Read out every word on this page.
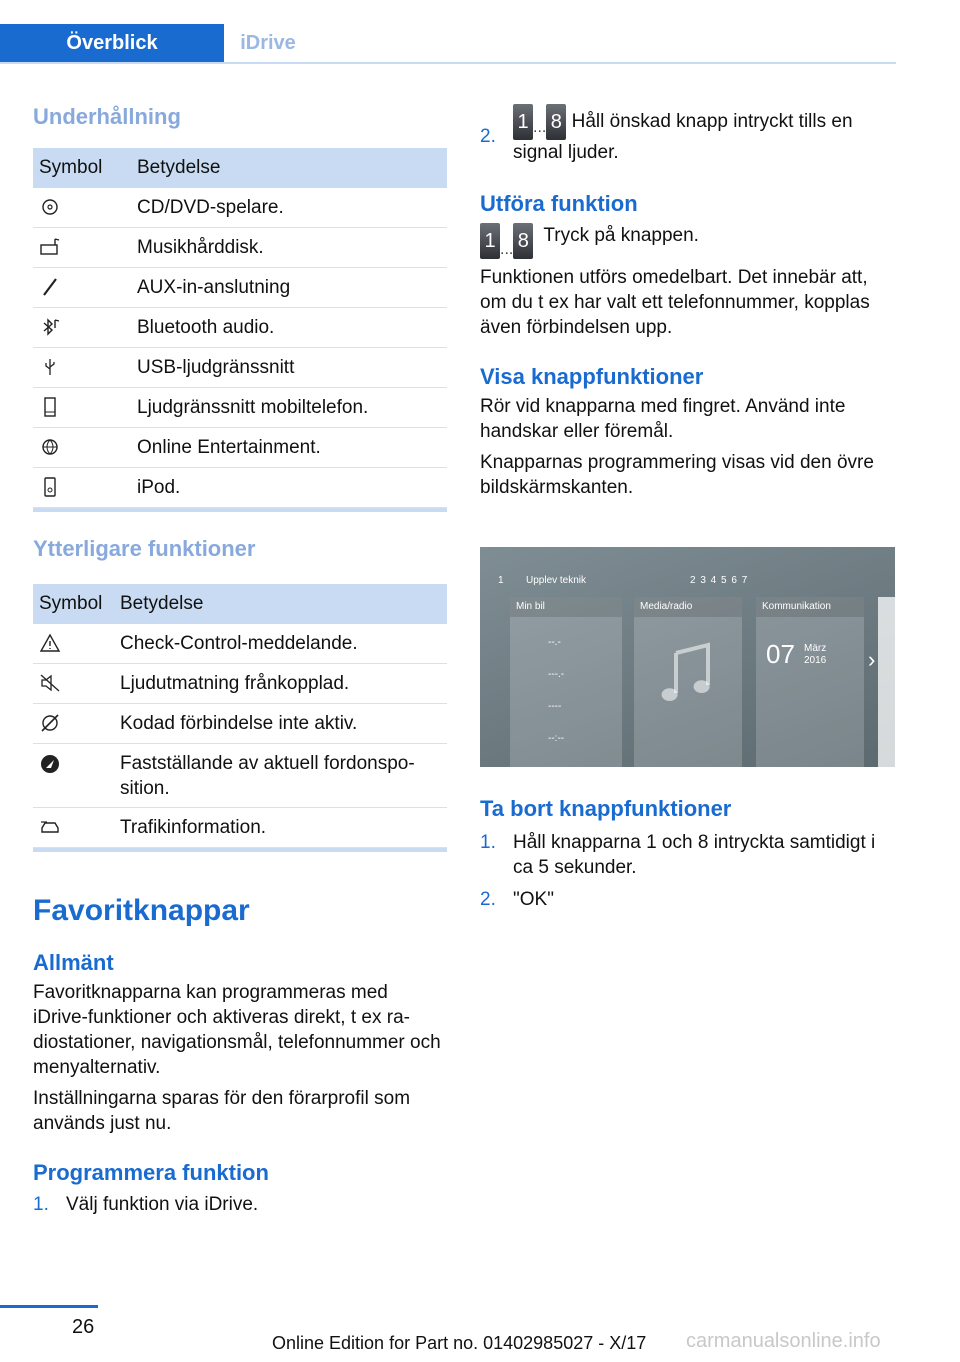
Överblick	iDrive
Underhållning
Symbol	Betydelse
	CD/DVD-spelare.
	Musikhårddisk.
	AUX-in-anslutning
	Bluetooth audio.
	USB-ljudgränssnitt
	Ljudgränssnitt mobiltelefon.
	Online Entertainment.
	iPod.
Ytterligare funktioner
Symbol	Betydelse
	Check-Control-meddelande.
	Ljudutmatning frånkopplad.
	Kodad förbindelse inte aktiv.
	Fastställande av aktuell fordonspo-
sition.
	Trafikinformation.
Favoritknappar
Allmänt

Favoritknapparna kan programmeras med iDrive-funktioner och aktiveras direkt, t ex ra-diostationer, navigationsmål, telefonnummer och menyalternativ.

Inställningarna sparas för den förarprofil som används just nu.

Programmera funktion
1. Välj funktion via iDrive.
2.
1 ... 8 Håll önskad knapp intryckt tills en signal ljuder.
Utföra funktion
1 ... 8 Tryck på knappen.

Funktionen utförs omedelbart. Det innebär att, om du t ex har valt ett telefonnummer, kopplas även förbindelsen upp.

Visa knappfunktioner

Rör vid knapparna med fingret. Använd inte handskar eller föremål.

Knapparnas programmering visas vid den övre bildskärmskanten.

1 Upplev teknik	2 3 4 5 6 7
Min bil
--.-
---.-
----
--:--
Media/radio	Kommunikation
07 März
2016 ›
Ta bort knappfunktioner
1. Håll knapparna 1 och 8 intryckta samtidigt i ca 5 sekunder.
2. "OK"
26
Online Edition for Part no. 01402985027 - X/17 carmanualsonline.info
